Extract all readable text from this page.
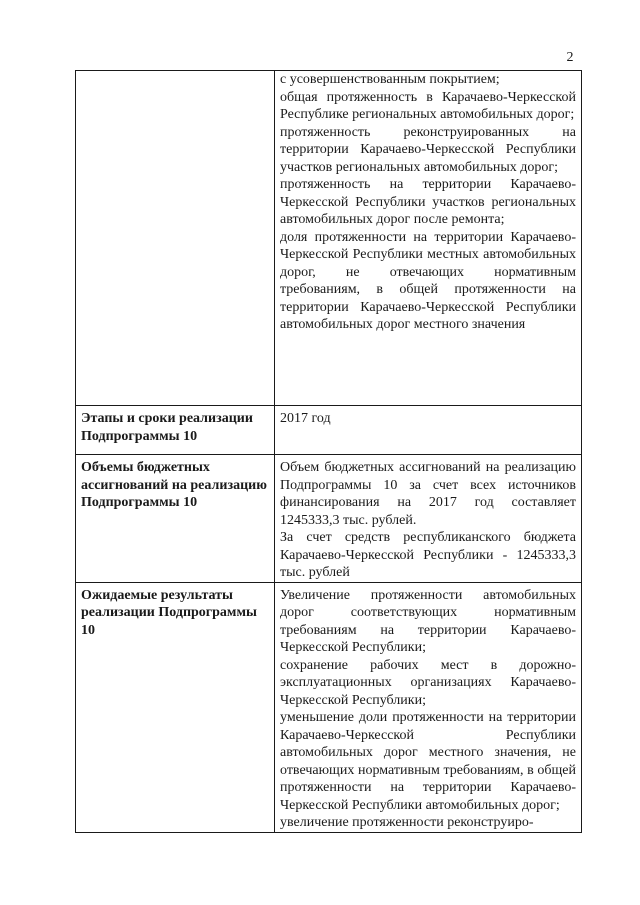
2

	с усовершенствованным покрытием;
общая протяженность в Карачаево-Черкесской Республике региональных автомобильных дорог;
протяженность реконструированных на территории Карачаево-Черкесской Республики участков региональных автомобильных дорог;
протяженность на территории Карачаево-Черкесской Республики участков региональных автомобильных дорог после ремонта;
доля протяженности на территории Карачаево-Черкесской Республики местных автомобильных дорог, не отвечающих нормативным требованиям, в общей протяженности на территории Карачаево-Черкесской Республики автомобильных дорог местного значения

Этапы и сроки реализации Подпрограммы 10	2017 год

Объемы бюджетных ассигнований на реализацию Подпрограммы 10	Объем бюджетных ассигнований на реализацию Подпрограммы 10 за счет всех источников финансирования на 2017 год составляет 1245333,3 тыс. рублей.
За счет средств республиканского бюджета Карачаево-Черкесской Республики - 1245333,3 тыс. рублей

Ожидаемые результаты реализации Подпрограммы 10	Увеличение протяженности автомобильных дорог соответствующих нормативным требованиям на территории Карачаево-Черкесской Республики;
сохранение рабочих мест в дорожно-эксплуатационных организациях Карачаево-Черкесской Республики;
уменьшение доли протяженности на территории Карачаево-Черкесской Республики автомобильных дорог местного значения, не отвечающих нормативным требованиям, в общей протяженности на территории Карачаево-Черкесской Республики автомобильных дорог;
увеличение протяженности реконструиро-
